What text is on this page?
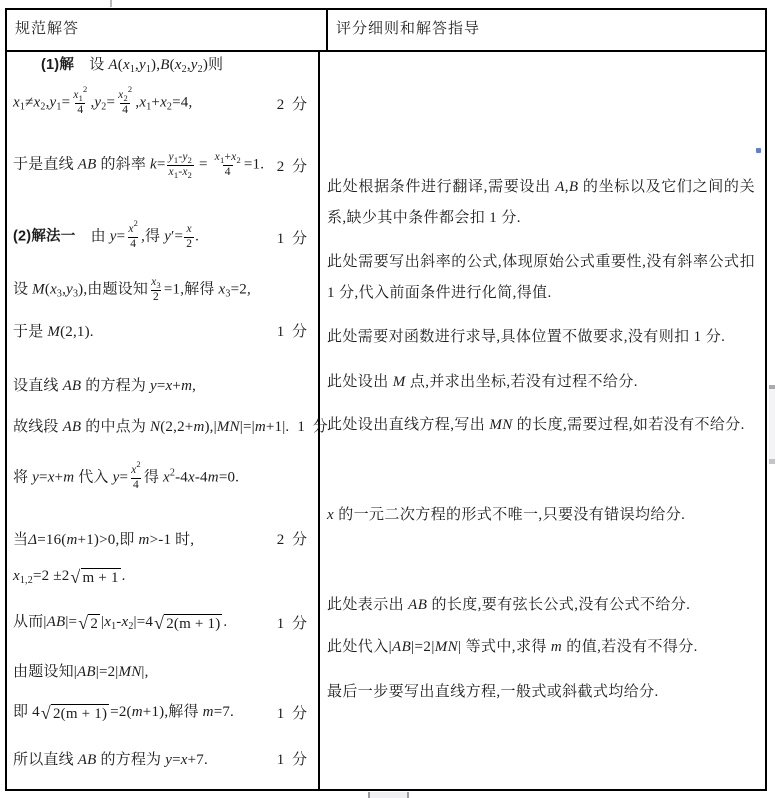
规范解答	评分细则和解答指导
(1)解　设 $A(x_1,y_1),B(x_2,y_2)$则
$x_1\ne x_2,y_1= \frac{x_1^2}{4} ,y_2= \frac{x_2^2}{4} ,x_1+x_2=4$,	2 分
于是直线 AB 的斜率 $k= \frac{y_1-y_2}{x_1-x_2} = \frac{x_1+x_2}{4} =1$. 2 分
(2)解法一　由 $y= \frac{x^2}{4}$ ,得 $y'= \frac{x}{2}$ .	1 分
设 $M(x_3,y_3)$,由题设知 $\frac{x_3}{2} =1$,解得 $x_3=2$,
于是 M(2,1).	1 分
设直线 AB 的方程为 y=x+m,
故线段 AB 的中点为 N(2,2+m),|MN|=|m+1|. 1 分
将 y=x+m 代入 $y= \frac{x^2}{4}$ 得 $x^2-4x-4m=0$.
当Δ=16(m+1)>0,即 m>-1 时,	2 分
$x_{1,2}=2 \pm 2$ √ m + 1 .
从而|AB|= √ 2 $|x_1-x_2|=4$ √ 2(m + 1) .	1 分
由题设知|AB|=2|MN|,
即 4 √ 2(m + 1) =2(m+1),解得 m=7.	1 分
所以直线 AB 的方程为 y=x+7.	1 分
此处根据条件进行翻译,需要设出 A,B 的坐标以及它们之间的关系,缺少其中条件都会扣 1 分.
此处需要写出斜率的公式,体现原始公式重要性,没有斜率公式扣 1 分,代入前面条件进行化简,得值.
此处需要对函数进行求导,具体位置不做要求,没有则扣 1 分.
此处设出 M 点,并求出坐标,若没有过程不给分.
此处设出直线方程,写出 MN 的长度,需要过程,如若没有不给分.
x 的一元二次方程的形式不唯一,只要没有错误均给分.
此处表示出 AB 的长度,要有弦长公式,没有公式不给分.
此处代入|AB|=2|MN| 等式中,求得 m 的值,若没有不得分.
最后一步要写出直线方程,一般式或斜截式均给分.
